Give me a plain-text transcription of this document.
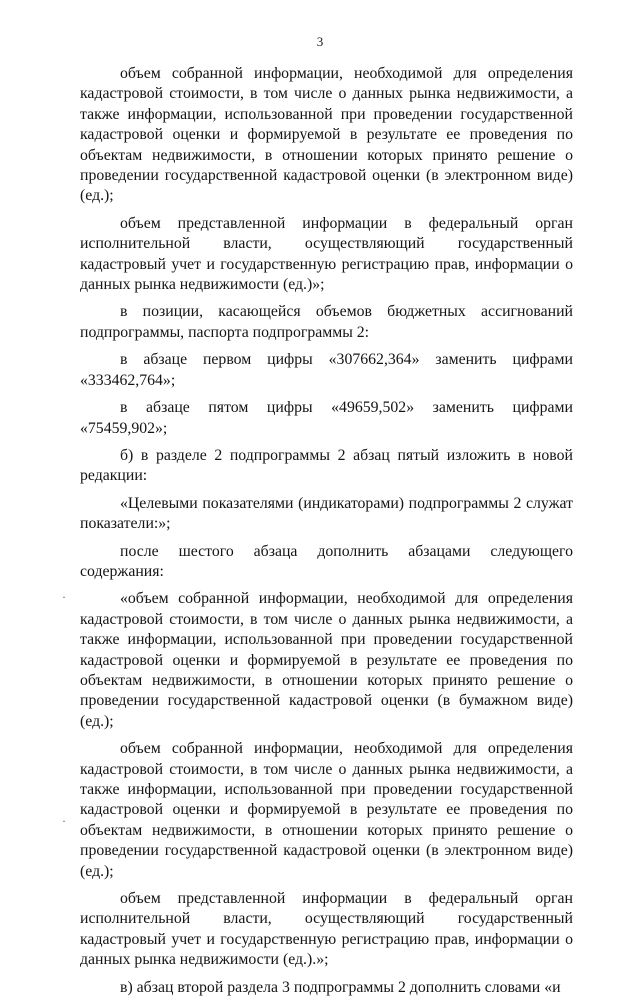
3

объем собранной информации, необходимой для определения кадастровой стоимости, в том числе о данных рынка недвижимости, а также информации, использованной при проведении государственной кадастровой оценки и формируемой в результате ее проведения по объектам недвижимости, в отношении которых принято решение о проведении государственной кадастровой оценки (в электронном виде) (ед.);

объем представленной информации в федеральный орган исполнительной власти, осуществляющий государственный кадастровый учет и государственную регистрацию прав, информации о данных рынка недвижимости (ед.)»;

в позиции, касающейся объемов бюджетных ассигнований подпрограммы, паспорта подпрограммы 2:

в абзаце первом цифры «307662,364» заменить цифрами «333462,764»;

в абзаце пятом цифры «49659,502» заменить цифрами «75459,902»;

б) в разделе 2 подпрограммы 2 абзац пятый изложить в новой редакции:

«Целевыми показателями (индикаторами) подпрограммы 2 служат показатели:»;

после шестого абзаца дополнить абзацами следующего содержания:

«объем собранной информации, необходимой для определения кадастровой стоимости, в том числе о данных рынка недвижимости, а также информации, использованной при проведении государственной кадастровой оценки и формируемой в результате ее проведения по объектам недвижимости, в отношении которых принято решение о проведении государственной кадастровой оценки (в бумажном виде) (ед.);

объем собранной информации, необходимой для определения кадастровой стоимости, в том числе о данных рынка недвижимости, а также информации, использованной при проведении государственной кадастровой оценки и формируемой в результате ее проведения по объектам недвижимости, в отношении которых принято решение о проведении государственной кадастровой оценки (в электронном виде) (ед.);

объем представленной информации в федеральный орган исполнительной власти, осуществляющий государственный кадастровый учет и государственную регистрацию прав, информации о данных рынка недвижимости (ед.).»;

в) абзац второй раздела 3 подпрограммы 2 дополнить словами «и

·
·
